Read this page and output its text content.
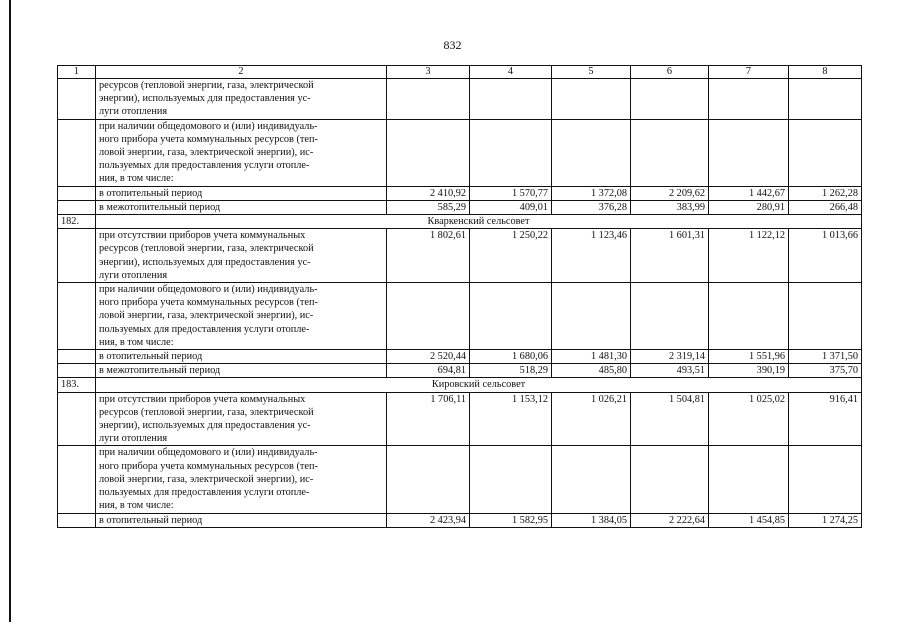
832
1	2	3	4	5	6	7	8

	ресурсов (тепловой энергии, газа, электрической
энергии), используемых для предоставления ус-
луги отопления						

	при наличии общедомового и (или) индивидуаль-
ного прибора учета коммунальных ресурсов (теп-
ловой энергии, газа, электрической энергии), ис-
пользуемых для предоставления услуги отопле-
ния, в том числе:						

	в отопительный период	2 410,92	1 570,77	1 372,08	2 209,62	1 442,67	1 262,28

	в межотопительный период	585,29	409,01	376,28	383,99	280,91	266,48
182.	Кваркенский сельсовет						

	при отсутствии приборов учета коммунальных
ресурсов (тепловой энергии, газа, электрической
энергии), используемых для предоставления ус-
луги отопления	1 802,61	1 250,22	1 123,46	1 601,31	1 122,12	1 013,66

	при наличии общедомового и (или) индивидуаль-
ного прибора учета коммунальных ресурсов (теп-
ловой энергии, газа, электрической энергии), ис-
пользуемых для предоставления услуги отопле-
ния, в том числе:						

	в отопительный период	2 520,44	1 680,06	1 481,30	2 319,14	1 551,96	1 371,50

	в межотопительный период	694,81	518,29	485,80	493,51	390,19	375,70
183.	Кировский сельсовет						

	при отсутствии приборов учета коммунальных
ресурсов (тепловой энергии, газа, электрической
энергии), используемых для предоставления ус-
луги отопления	1 706,11	1 153,12	1 026,21	1 504,81	1 025,02	916,41

	при наличии общедомового и (или) индивидуаль-
ного прибора учета коммунальных ресурсов (теп-
ловой энергии, газа, электрической энергии), ис-
пользуемых для предоставления услуги отопле-
ния, в том числе:						

	в отопительный период	2 423,94	1 582,95	1 384,05	2 222,64	1 454,85	1 274,25
